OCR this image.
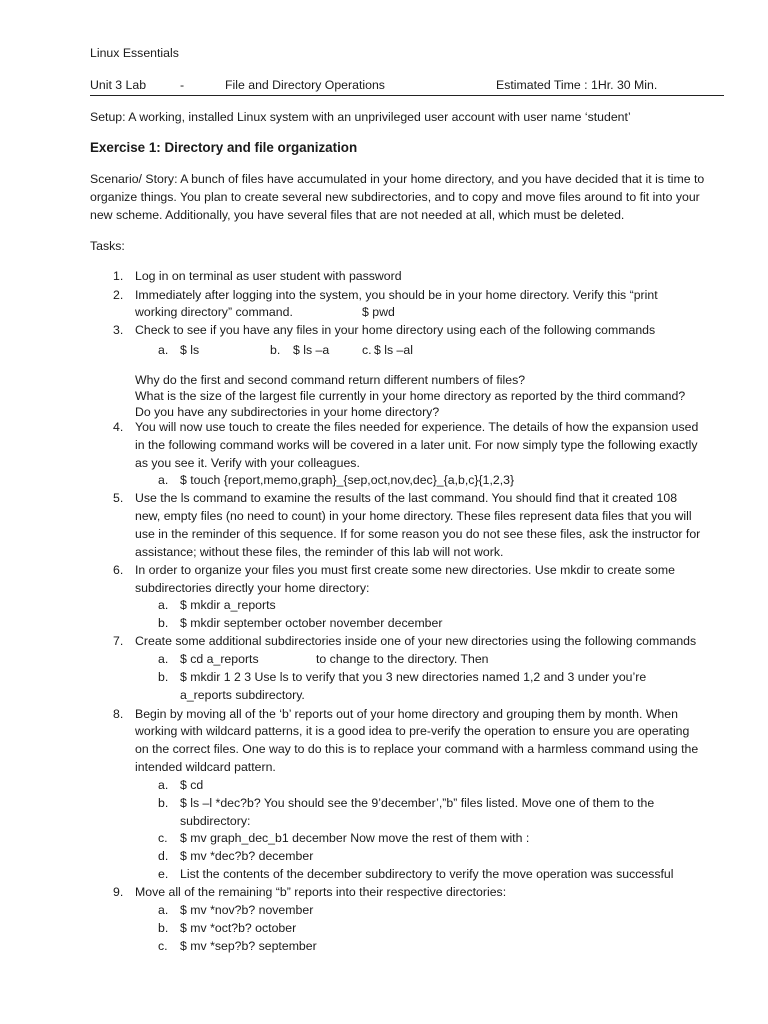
Linux Essentials
Unit 3 Lab	-	File and Directory Operations	Estimated Time : 1Hr. 30 Min.
Setup: A working, installed Linux system with an unprivileged user account with user name ‘student’
Exercise 1: Directory and file organization
Scenario/ Story: A bunch of files have accumulated in your home directory, and you have decided that it is time to
organize things. You plan to create several new subdirectories, and to copy and move files around to fit into your
new scheme. Additionally, you have several files that are not needed at all, which must be deleted.
Tasks:
1. Log in on terminal as user student with password
2. Immediately after logging into the system, you should be in your home directory. Verify this “print
working directory” command.	$ pwd
3. Check to see if you have any files in your home directory using each of the following commands
a. $ ls	b. $ ls –a	c. $ ls –al
Why do the first and second command return different numbers of files?
What is the size of the largest file currently in your home directory as reported by the third command?
Do you have any subdirectories in your home directory?
4. You will now use touch to create the files needed for experience. The details of how the expansion used
in the following command works will be covered in a later unit. For now simply type the following exactly
as you see it. Verify with your colleagues.
a. $ touch {report,memo,graph}_{sep,oct,nov,dec}_{a,b,c}{1,2,3}
5. Use the ls command to examine the results of the last command. You should find that it created 108
new, empty files (no need to count) in your home directory. These files represent data files that you will
use in the reminder of this sequence. If for some reason you do not see these files, ask the instructor for
assistance; without these files, the reminder of this lab will not work.
6. In order to organize your files you must first create some new directories. Use mkdir to create some
subdirectories directly your home directory:
a. $ mkdir a_reports
b. $ mkdir september october november december
7. Create some additional subdirectories inside one of your new directories using the following commands
a. $ cd a_reports	to change to the directory. Then
b. $ mkdir 1 2 3 Use ls to verify that you 3 new directories named 1,2 and 3 under you’re
a_reports subdirectory.
8. Begin by moving all of the ‘b’ reports out of your home directory and grouping them by month. When
working with wildcard patterns, it is a good idea to pre-verify the operation to ensure you are operating
on the correct files. One way to do this is to replace your command with a harmless command using the
intended wildcard pattern.
a. $ cd
b. $ ls –l *dec?b? You should see the 9’december’,”b” files listed. Move one of them to the
subdirectory:
c. $ mv graph_dec_b1 december Now move the rest of them with :
d. $ mv *dec?b? december
e. List the contents of the december subdirectory to verify the move operation was successful
9. Move all of the remaining “b” reports into their respective directories:
a. $ mv *nov?b? november
b. $ mv *oct?b? october
c. $ mv *sep?b? september
